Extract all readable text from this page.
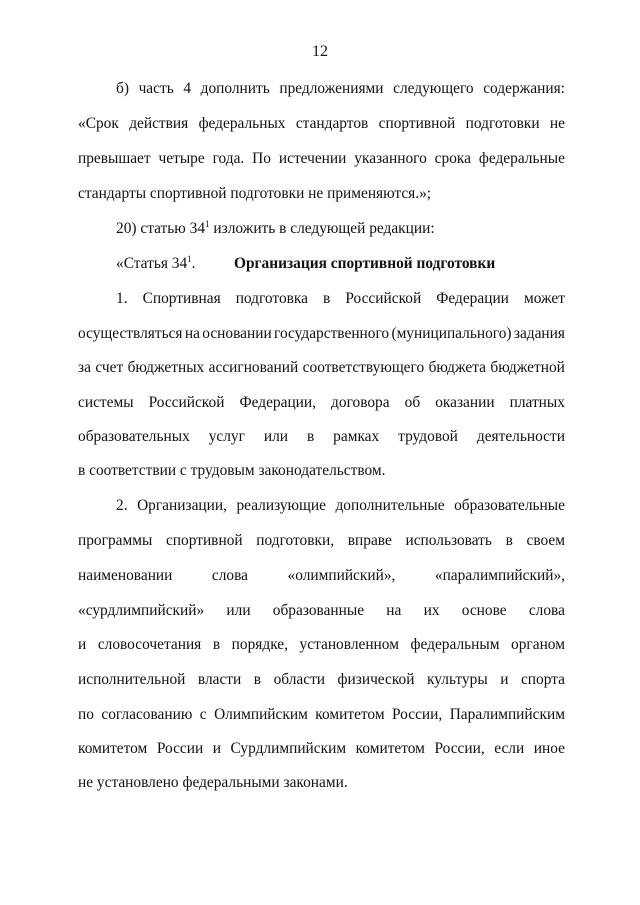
12
б) часть 4 дополнить предложениями следующего содержания:
«Срок действия федеральных стандартов спортивной подготовки не
превышает четыре года. По истечении указанного срока федеральные
стандарты спортивной подготовки не применяются.»;
20) статью $34^1$ изложить в следующей редакции:
«Статья $34^1$. Организация спортивной подготовки
1. Спортивная подготовка в Российской Федерации может
осуществляться на основании государственного (муниципального) задания
за счет бюджетных ассигнований соответствующего бюджета бюджетной
системы Российской Федерации, договора об оказании платных
образовательных услуг или в рамках трудовой деятельности
в соответствии с трудовым законодательством.
2. Организации, реализующие дополнительные образовательные
программы спортивной подготовки, вправе использовать в своем
наименовании	слова	«олимпийский»,	«паралимпийский»,
«сурдлимпийский» или образованные на их основе слова
и словосочетания в порядке, установленном федеральным органом
исполнительной власти в области физической культуры и спорта
по согласованию с Олимпийским комитетом России, Паралимпийским
комитетом России и Сурдлимпийским комитетом России, если иное
не установлено федеральными законами.
